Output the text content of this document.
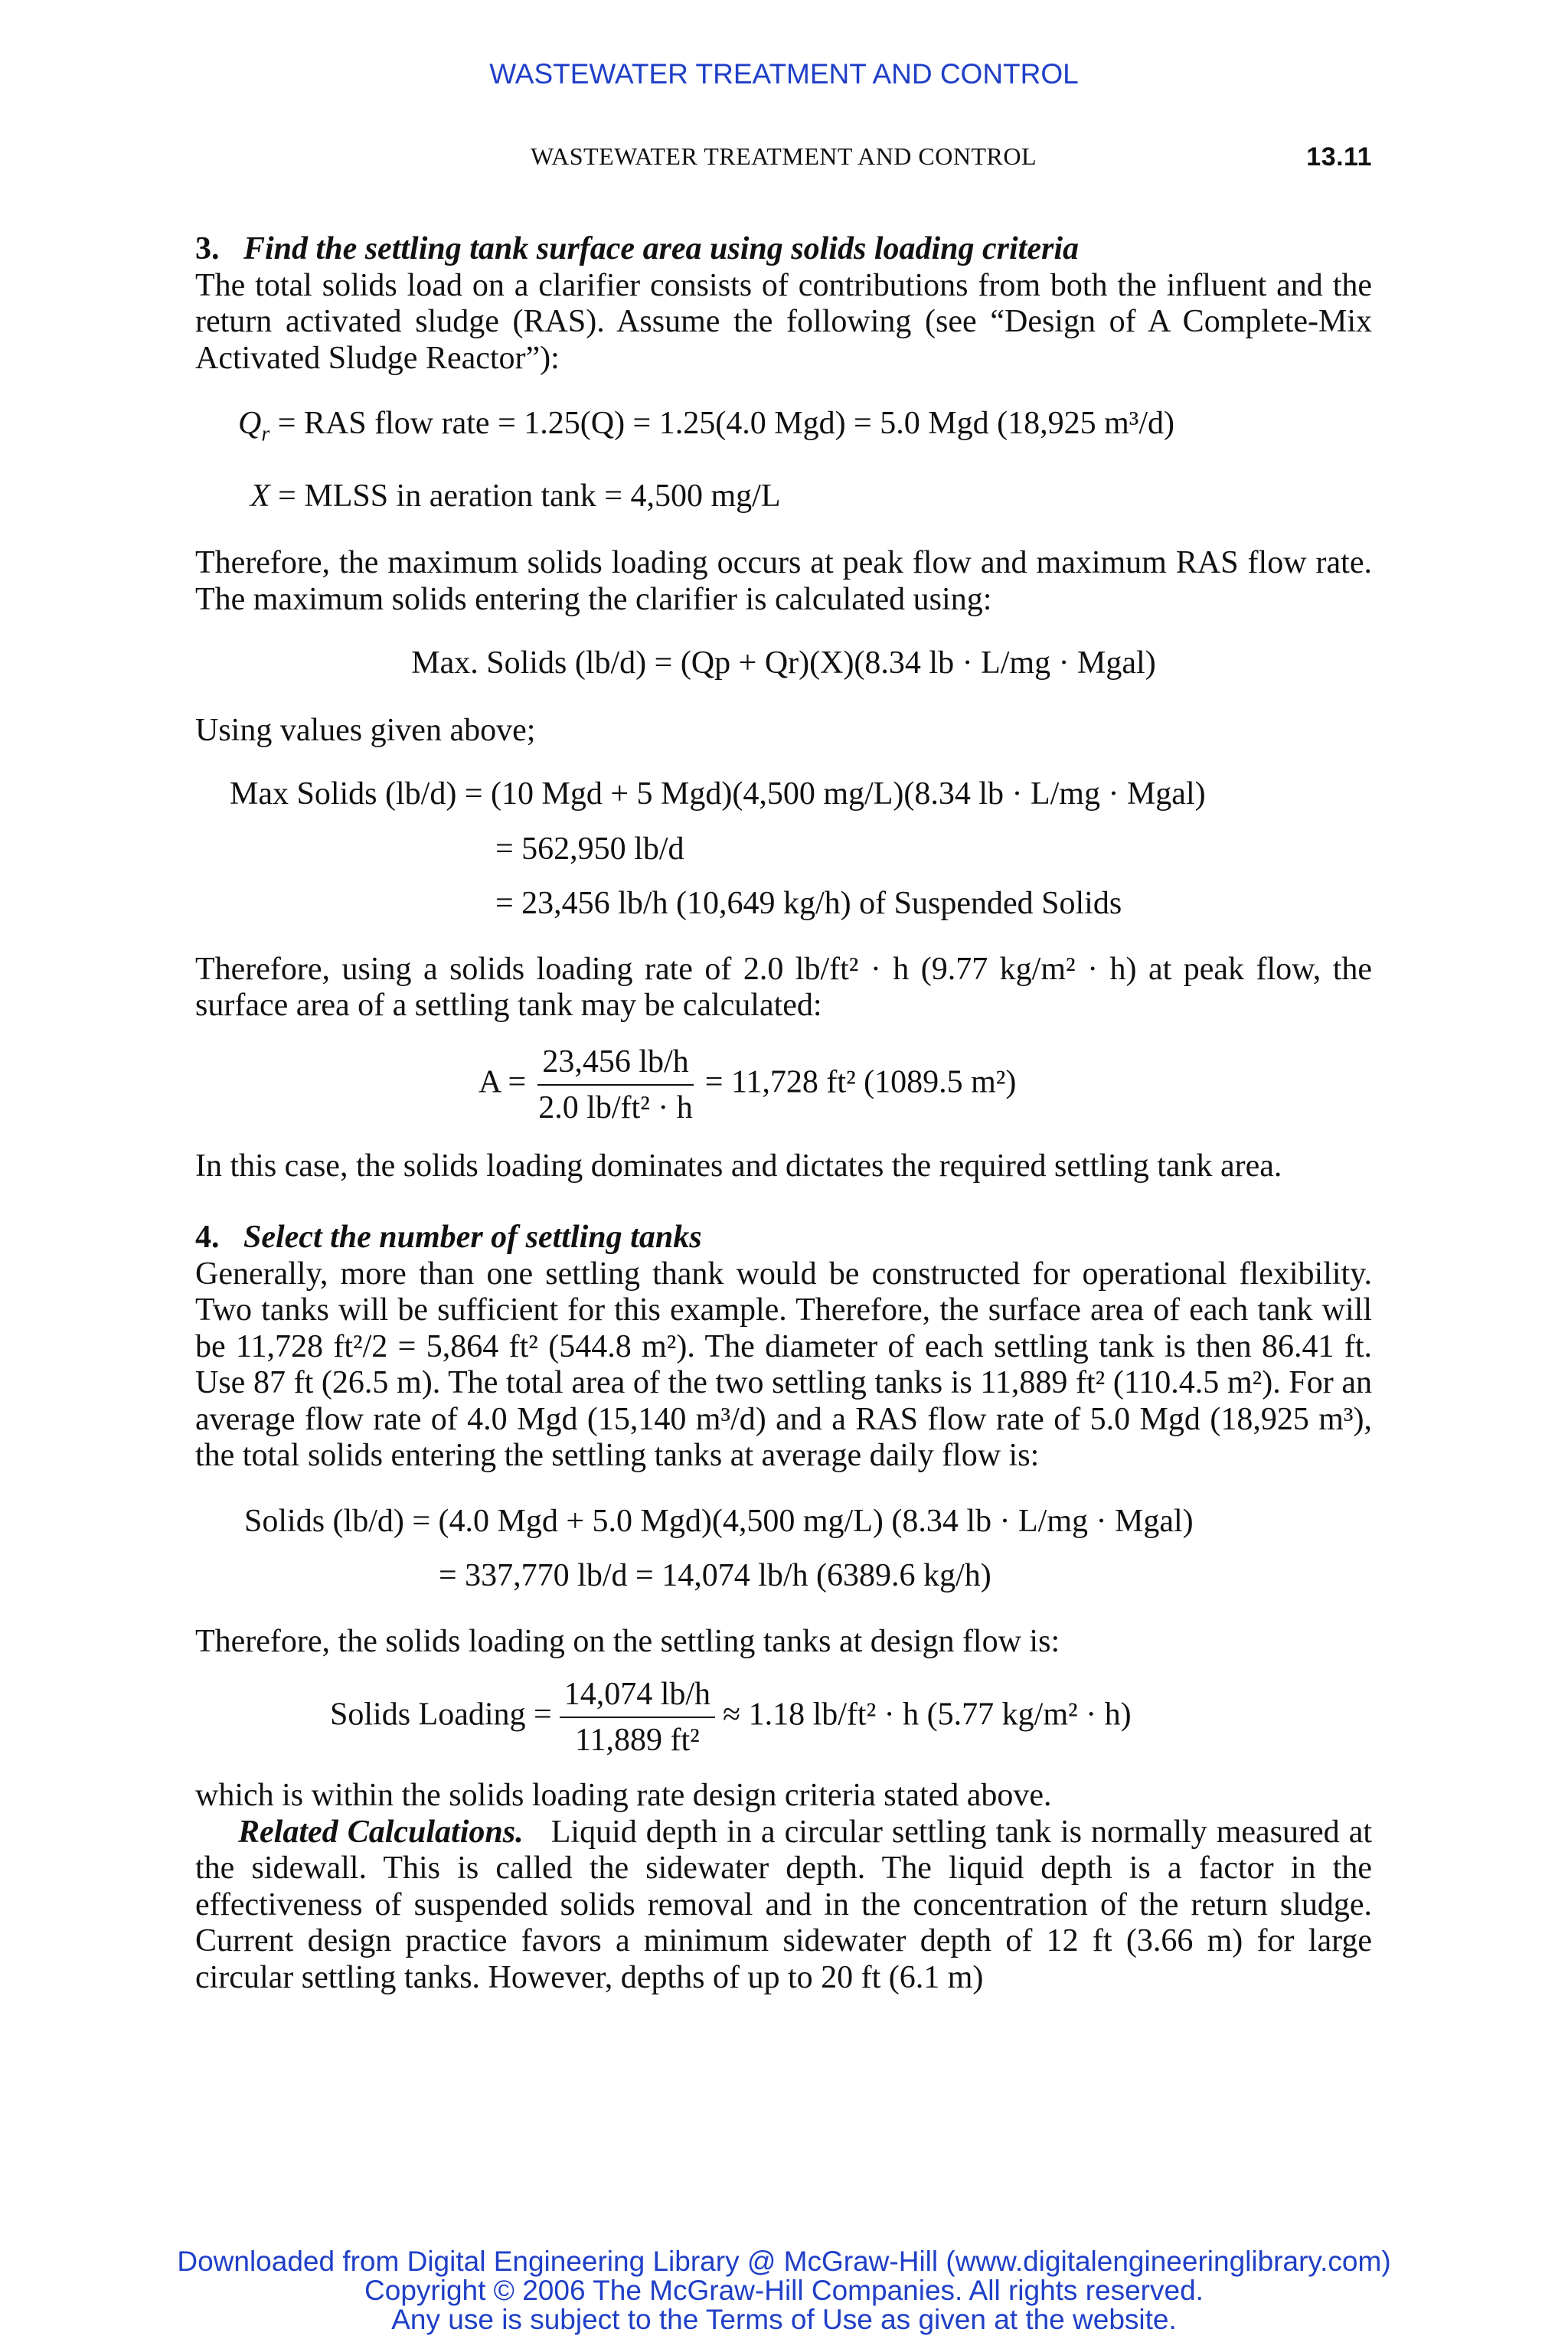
WASTEWATER TREATMENT AND CONTROL
WASTEWATER TREATMENT AND CONTROL	13.11

3. Find the settling tank surface area using solids loading criteria

The total solids load on a clarifier consists of contributions from both the influent and the return activated sludge (RAS). Assume the following (see “Design of A Complete-Mix Activated Sludge Reactor”):

$Q_r$ = RAS flow rate = 1.25(Q) = 1.25(4.0 Mgd) = 5.0 Mgd (18,925 m³/d)

X = MLSS in aeration tank = 4,500 mg/L

Therefore, the maximum solids loading occurs at peak flow and maximum RAS flow rate. The maximum solids entering the clarifier is calculated using:

Max. Solids (lb/d) = (Qp + Qr)(X)(8.34 lb · L/mg · Mgal)

Using values given above;

Max Solids (lb/d) = (10 Mgd + 5 Mgd)(4,500 mg/L)(8.34 lb · L/mg · Mgal)

= 562,950 lb/d

= 23,456 lb/h (10,649 kg/h) of Suspended Solids

Therefore, using a solids loading rate of 2.0 lb/ft² · h (9.77 kg/m² · h) at peak flow, the surface area of a settling tank may be calculated:

$A = \frac{23,456 lb/h}{\text{2.0 lb/ft² · h}} = 11,728$ ft² (1089.5 m²)

In this case, the solids loading dominates and dictates the required settling tank area.

4. Select the number of settling tanks

Generally, more than one settling thank would be constructed for operational flexibility. Two tanks will be sufficient for this example. Therefore, the surface area of each tank will be 11,728 ft²/2 = 5,864 ft² (544.8 m²). The diameter of each settling tank is then 86.41 ft. Use 87 ft (26.5 m). The total area of the two settling tanks is 11,889 ft² (110.4.5 m²). For an average flow rate of 4.0 Mgd (15,140 m³/d) and a RAS flow rate of 5.0 Mgd (18,925 m³), the total solids entering the settling tanks at average daily flow is:

Solids (lb/d) = (4.0 Mgd + 5.0 Mgd)(4,500 mg/L) (8.34 lb · L/mg · Mgal)

= 337,770 lb/d = 14,074 lb/h (6389.6 kg/h)

Therefore, the solids loading on the settling tanks at design flow is:

Solids Loading = $\frac{14,074 lb/h}{\text{11,889 ft²}} \approx 1.18$ lb/ft² · h (5.77 kg/m² · h)

which is within the solids loading rate design criteria stated above.

Related Calculations. Liquid depth in a circular settling tank is normally measured at the sidewall. This is called the sidewater depth. The liquid depth is a factor in the effectiveness of suspended solids removal and in the concentration of the return sludge. Current design practice favors a minimum sidewater depth of 12 ft (3.66 m) for large circular settling tanks. However, depths of up to 20 ft (6.1 m)

Downloaded from Digital Engineering Library @ McGraw-Hill (www.digitalengineeringlibrary.com)
Copyright © 2006 The McGraw-Hill Companies. All rights reserved.
Any use is subject to the Terms of Use as given at the website.
